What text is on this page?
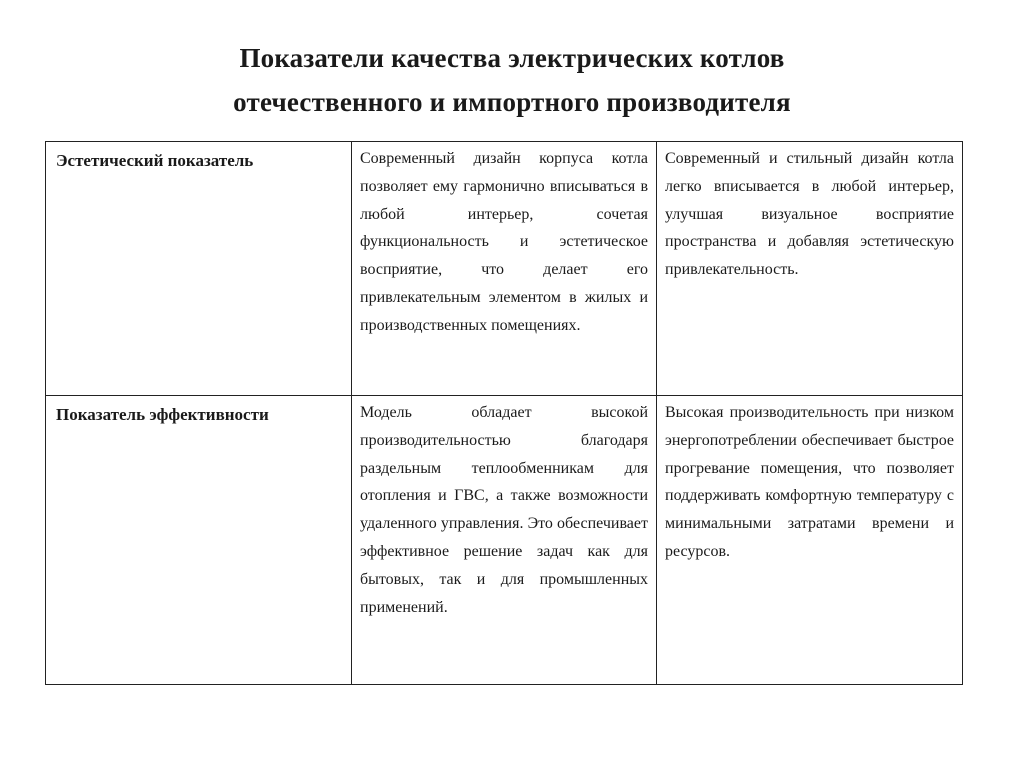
Показатели качества электрических котлов
отечественного и импортного производителя
Эстетический показатель	Современный дизайн корпуса котла позволяет ему гармонично вписываться в любой интерьер, сочетая функциональность и эстетическое восприятие, что делает его привлекательным элементом в жилых и производственных помещениях.	Современный и стильный дизайн котла легко вписывается в любой интерьер, улучшая визуальное восприятие пространства и добавляя эстетическую привлекательность.
Показатель эффективности	Модель обладает высокой производительностью благодаря раздельным теплообменникам для отопления и ГВС, а также возможности удаленного управления. Это обеспечивает эффективное решение задач как для бытовых, так и для промышленных применений.	Высокая производительность при низком энергопотреблении обеспечивает быстрое прогревание помещения, что позволяет поддерживать комфортную температуру с минимальными затратами времени и ресурсов.
